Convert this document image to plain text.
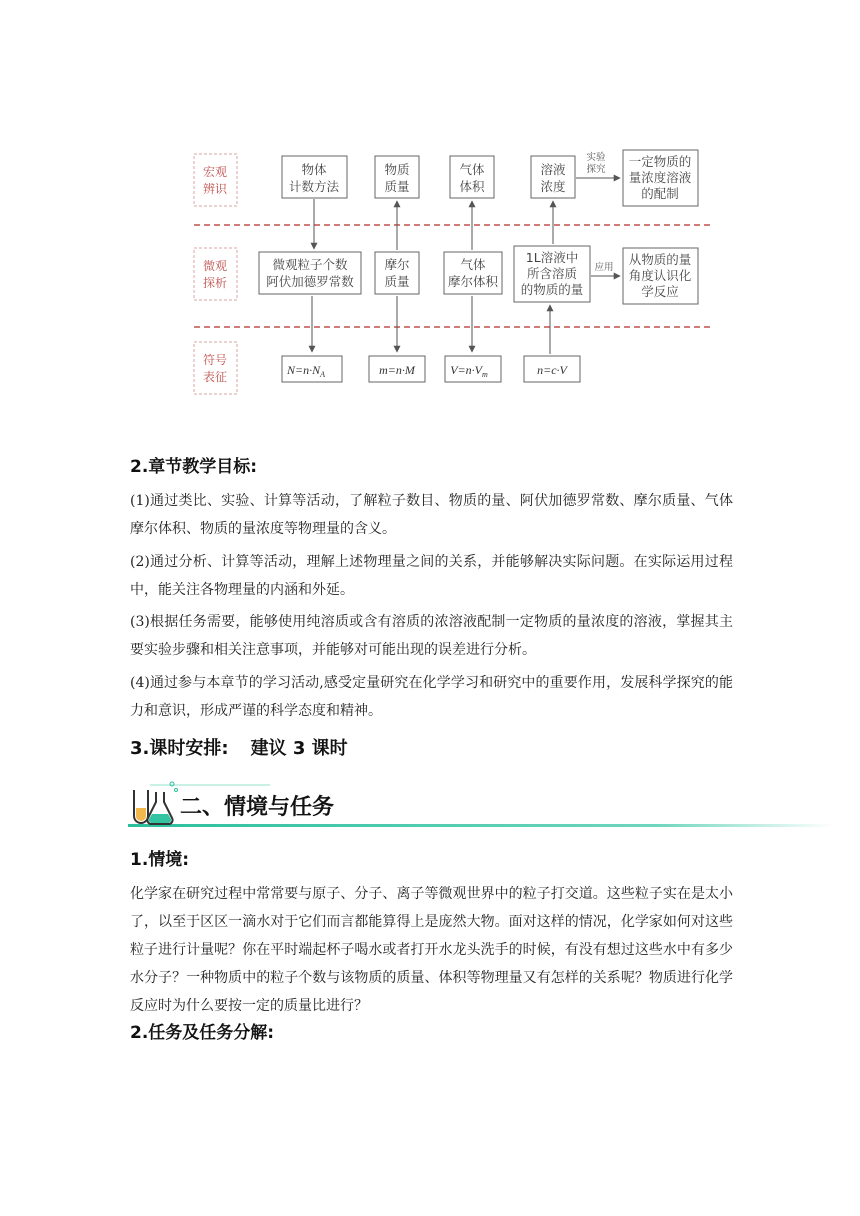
宏观
辨识
微观
探析
符号
表征
物体
计数方法
物质
质量
气体
体积
溶液
浓度
一定物质的
量浓度溶液
的配制
实验
探究
微观粒子个数
阿伏加德罗常数
摩尔
质量
气体
摩尔体积
1L溶液中
所含溶质
的物质的量
从物质的量
角度认识化
学反应
应用
$N=n\cdot N_A$	m=n·M	$V=n\cdot V_m$	n=c·V
2.章节教学目标:

(1)通过类比、实验、计算等活动，了解粒子数目、物质的量、阿伏加德罗常数、摩尔质量、气体摩尔体积、物质的量浓度等物理量的含义。

(2)通过分析、计算等活动，理解上述物理量之间的关系，并能够解决实际问题。在实际运用过程中，能关注各物理量的内涵和外延。

(3)根据任务需要，能够使用纯溶质或含有溶质的浓溶液配制一定物质的量浓度的溶液，掌握其主要实验步骤和相关注意事项，并能够对可能出现的误差进行分析。

(4)通过参与本章节的学习活动,感受定量研究在化学学习和研究中的重要作用，发展科学探究的能力和意识，形成严谨的科学态度和精神。

3.课时安排: 建议 3 课时
二、情境与任务
1.情境:

化学家在研究过程中常常要与原子、分子、离子等微观世界中的粒子打交道。这些粒子实在是太小了，以至于区区一滴水对于它们而言都能算得上是庞然大物。面对这样的情况，化学家如何对这些粒子进行计量呢？你在平时端起杯子喝水或者打开水龙头洗手的时候，有没有想过这些水中有多少水分子？一种物质中的粒子个数与该物质的质量、体积等物理量又有怎样的关系呢？物质进行化学反应时为什么要按一定的质量比进行？

2.任务及任务分解:
